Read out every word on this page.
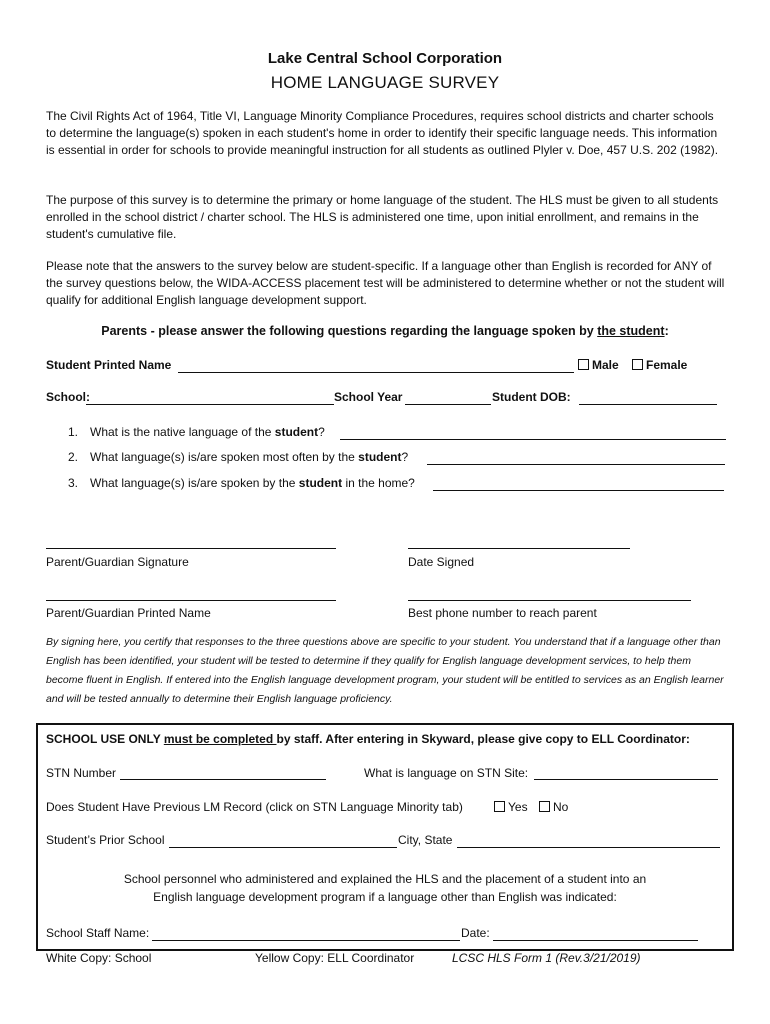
Lake Central School Corporation
HOME LANGUAGE SURVEY
The Civil Rights Act of 1964, Title VI, Language Minority Compliance Procedures, requires school districts and charter schools to determine the language(s) spoken in each student's home in order to identify their specific language needs. This information is essential in order for schools to provide meaningful instruction for all students as outlined Plyler v. Doe, 457 U.S. 202 (1982).
The purpose of this survey is to determine the primary or home language of the student. The HLS must be given to all students enrolled in the school district / charter school. The HLS is administered one time, upon initial enrollment, and remains in the student's cumulative file.
Please note that the answers to the survey below are student-specific. If a language other than English is recorded for ANY of the survey questions below, the WIDA-ACCESS placement test will be administered to determine whether or not the student will qualify for additional English language development support.
Parents - please answer the following questions regarding the language spoken by the student:
Student Printed Name	Male	Female
School:	School Year	Student DOB:
1. What is the native language of the student?
2. What language(s) is/are spoken most often by the student?
3. What language(s) is/are spoken by the student in the home?
Parent/Guardian Signature	Date Signed
Parent/Guardian Printed Name	Best phone number to reach parent
By signing here, you certify that responses to the three questions above are specific to your student. You understand that if a language other than English has been identified, your student will be tested to determine if they qualify for English language development services, to help them become fluent in English. If entered into the English language development program, your student will be entitled to services as an English learner and will be tested annually to determine their English language proficiency.
SCHOOL USE ONLY must be completed by staff. After entering in Skyward, please give copy to ELL Coordinator:
STN Number	What is language on STN Site:
Does Student Have Previous LM Record (click on STN Language Minority tab)	Yes	No
Student’s Prior School	City, State
School personnel who administered and explained the HLS and the placement of a student into an
English language development program if a language other than English was indicated:
School Staff Name:	Date:
White Copy: School	Yellow Copy: ELL Coordinator	LCSC HLS Form 1 (Rev.3/21/2019)
